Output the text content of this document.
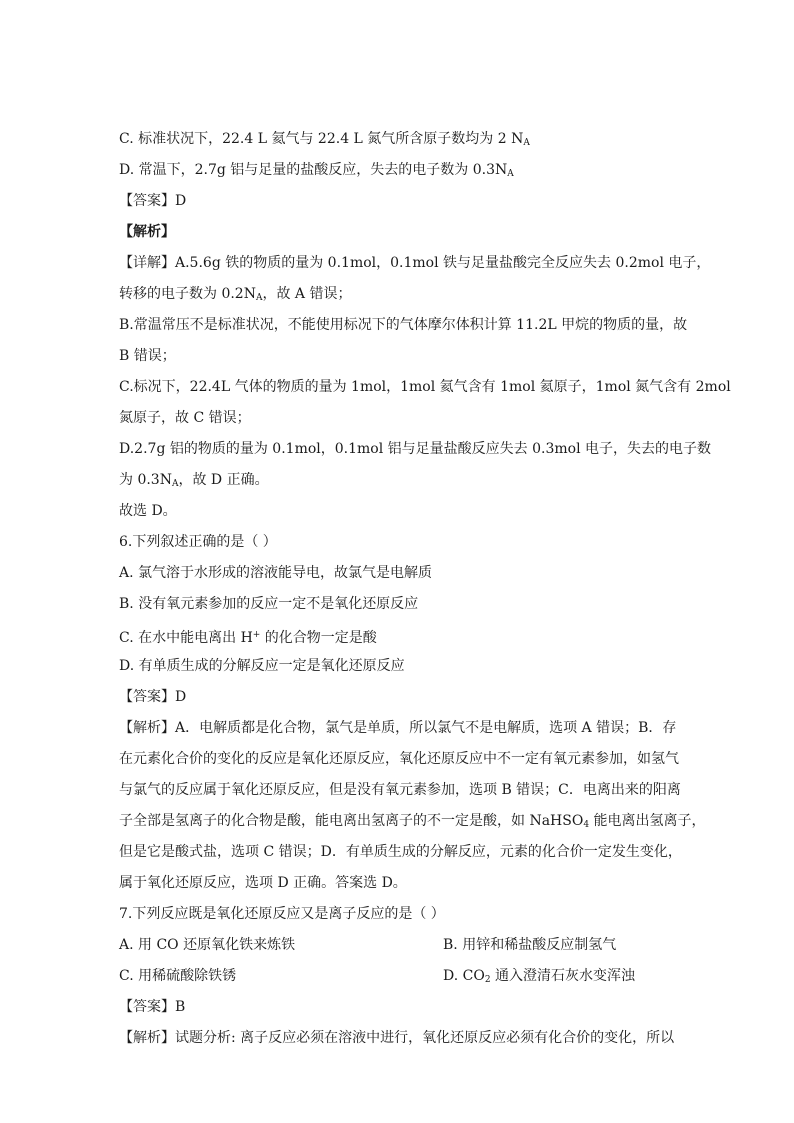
C. 标准状况下，22.4 L 氦气与 22.4 L 氮气所含原子数均为 2 $N_A$
D. 常温下，2.7g 铝与足量的盐酸反应，失去的电子数为 $0.3N_A$
【答案】D
【解析】
【详解】A.5.6g 铁的物质的量为 0.1mol，0.1mol 铁与足量盐酸完全反应失去 0.2mol 电子，
转移的电子数为 $0.2N_A$，故 A 错误；
B.常温常压不是标准状况，不能使用标况下的气体摩尔体积计算 11.2L 甲烷的物质的量，故
B 错误；
C.标况下，22.4L 气体的物质的量为 1mol，1mol 氦气含有 1mol 氦原子，1mol 氮气含有 2mol
氮原子，故 C 错误；
D.2.7g 铝的物质的量为 0.1mol，0.1mol 铝与足量盐酸反应失去 0.3mol 电子，失去的电子数
为 $0.3N_A$，故 D 正确。
故选 D。
6.下列叙述正确的是（ ）
A. 氯气溶于水形成的溶液能导电，故氯气是电解质
B. 没有氧元素参加的反应一定不是氧化还原反应
C. 在水中能电离出 H+ 的化合物一定是酸
D. 有单质生成的分解反应一定是氧化还原反应
【答案】D
【解析】A．电解质都是化合物，氯气是单质，所以氯气不是电解质，选项 A 错误；B．存
在元素化合价的变化的反应是氧化还原反应，氧化还原反应中不一定有氧元素参加，如氢气
与氯气的反应属于氧化还原反应，但是没有氧元素参加，选项 B 错误；C．电离出来的阳离
子全部是氢离子的化合物是酸，能电离出氢离子的不一定是酸，如 NaHSO$_4$ 能电离出氢离子，
但是它是酸式盐，选项 C 错误；D．有单质生成的分解反应，元素的化合价一定发生变化，
属于氧化还原反应，选项 D 正确。答案选 D。
7.下列反应既是氧化还原反应又是离子反应的是（ ）
A. 用 CO 还原氧化铁来炼铁	B. 用锌和稀盐酸反应制氢气
C. 用稀硫酸除铁锈	D. $CO_2$ 通入澄清石灰水变浑浊
【答案】B
【解析】试题分析: 离子反应必须在溶液中进行，氧化还原反应必须有化合价的变化，所以
